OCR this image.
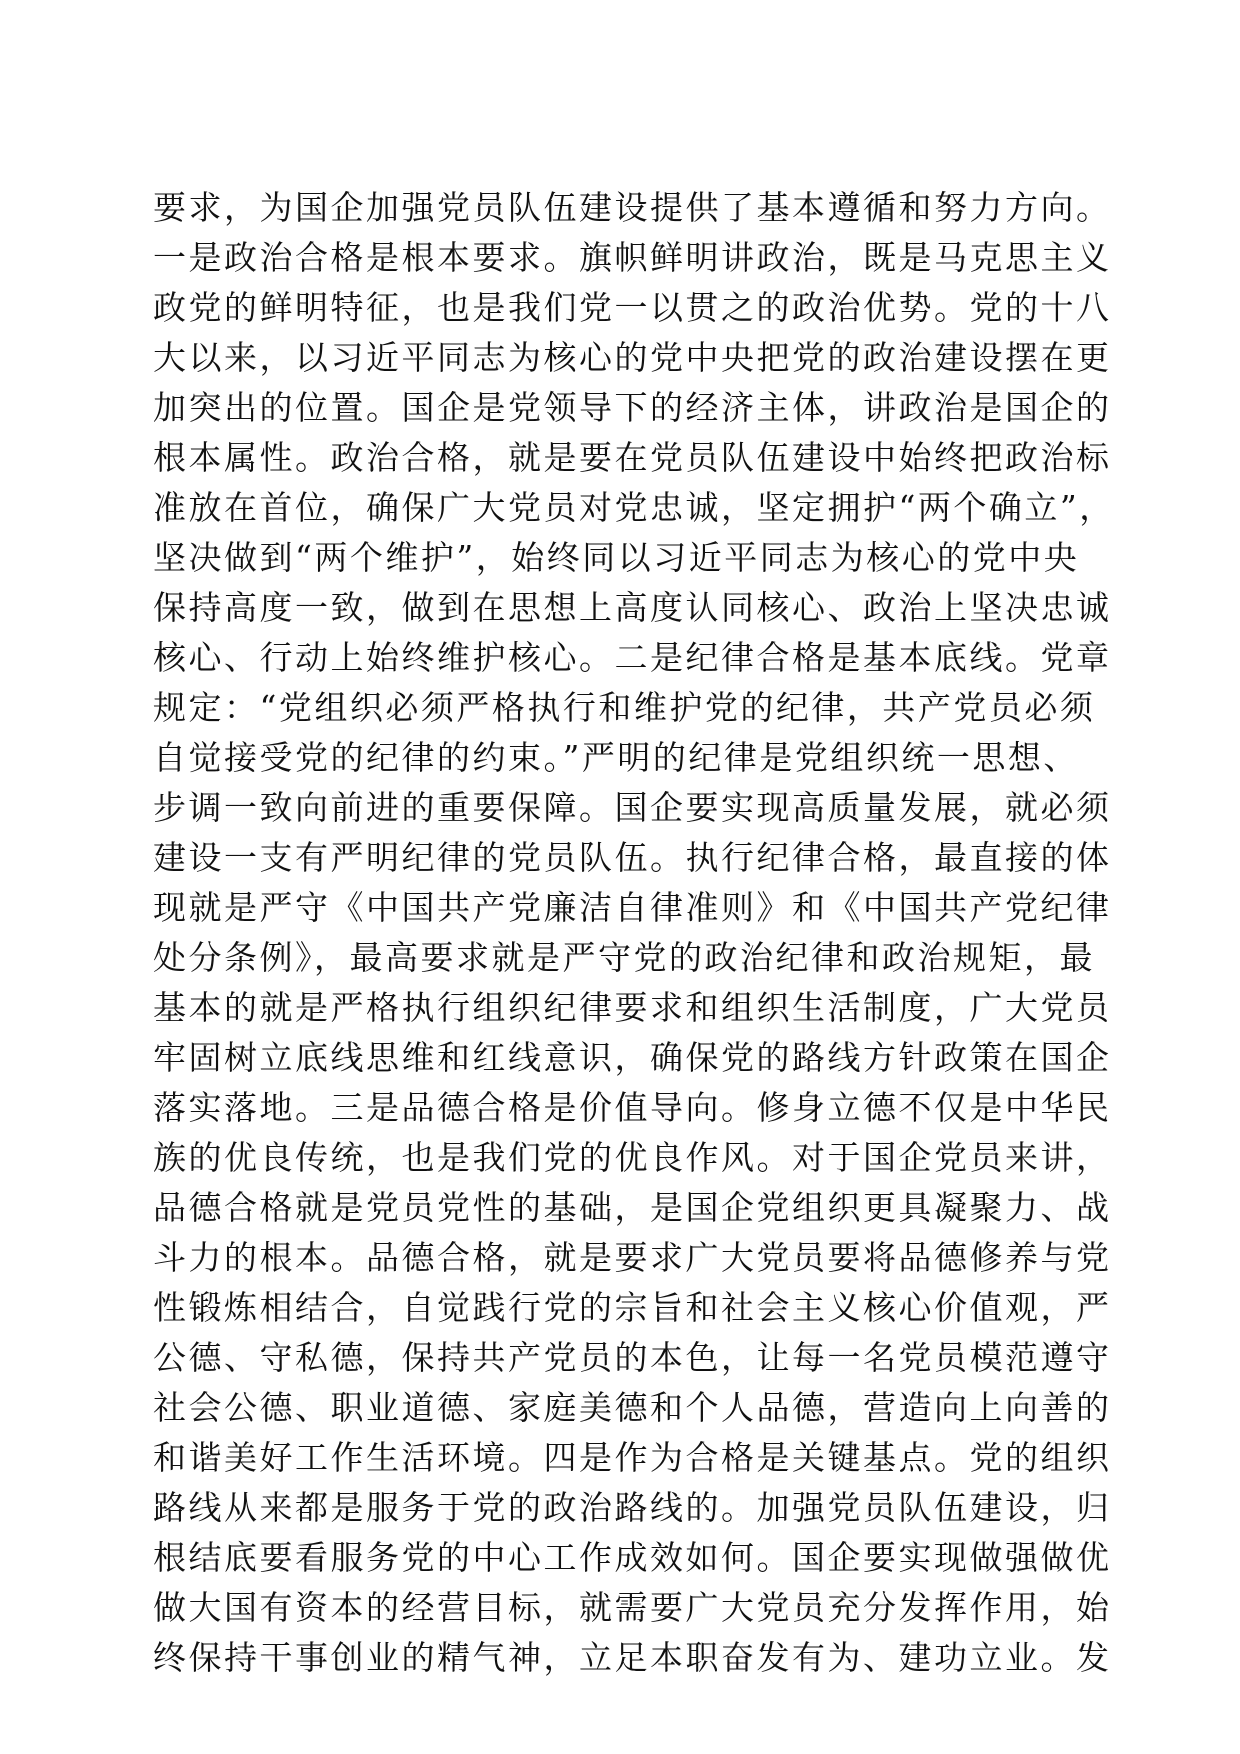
要求，为国企加强党员队伍建设提供了基本遵循和努力方向。
一是政治合格是根本要求。旗帜鲜明讲政治，既是马克思主义
政党的鲜明特征，也是我们党一以贯之的政治优势。党的十八
大以来，以习近平同志为核心的党中央把党的政治建设摆在更
加突出的位置。国企是党领导下的经济主体，讲政治是国企的
根本属性。政治合格，就是要在党员队伍建设中始终把政治标
准放在首位，确保广大党员对党忠诚，坚定拥护“两个确立”，
坚决做到“两个维护”，始终同以习近平同志为核心的党中央
保持高度一致，做到在思想上高度认同核心、政治上坚决忠诚
核心、行动上始终维护核心。二是纪律合格是基本底线。党章
规定：“党组织必须严格执行和维护党的纪律，共产党员必须
自觉接受党的纪律的约束。”严明的纪律是党组织统一思想、
步调一致向前进的重要保障。国企要实现高质量发展，就必须
建设一支有严明纪律的党员队伍。执行纪律合格，最直接的体
现就是严守《中国共产党廉洁自律准则》和《中国共产党纪律
处分条例》，最高要求就是严守党的政治纪律和政治规矩，最
基本的就是严格执行组织纪律要求和组织生活制度，广大党员
牢固树立底线思维和红线意识，确保党的路线方针政策在国企
落实落地。三是品德合格是价值导向。修身立德不仅是中华民
族的优良传统，也是我们党的优良作风。对于国企党员来讲，
品德合格就是党员党性的基础，是国企党组织更具凝聚力、战
斗力的根本。品德合格，就是要求广大党员要将品德修养与党
性锻炼相结合，自觉践行党的宗旨和社会主义核心价值观，严
公德、守私德，保持共产党员的本色，让每一名党员模范遵守
社会公德、职业道德、家庭美德和个人品德，营造向上向善的
和谐美好工作生活环境。四是作为合格是关键基点。党的组织
路线从来都是服务于党的政治路线的。加强党员队伍建设，归
根结底要看服务党的中心工作成效如何。国企要实现做强做优
做大国有资本的经营目标，就需要广大党员充分发挥作用，始
终保持干事创业的精气神，立足本职奋发有为、建功立业。发
